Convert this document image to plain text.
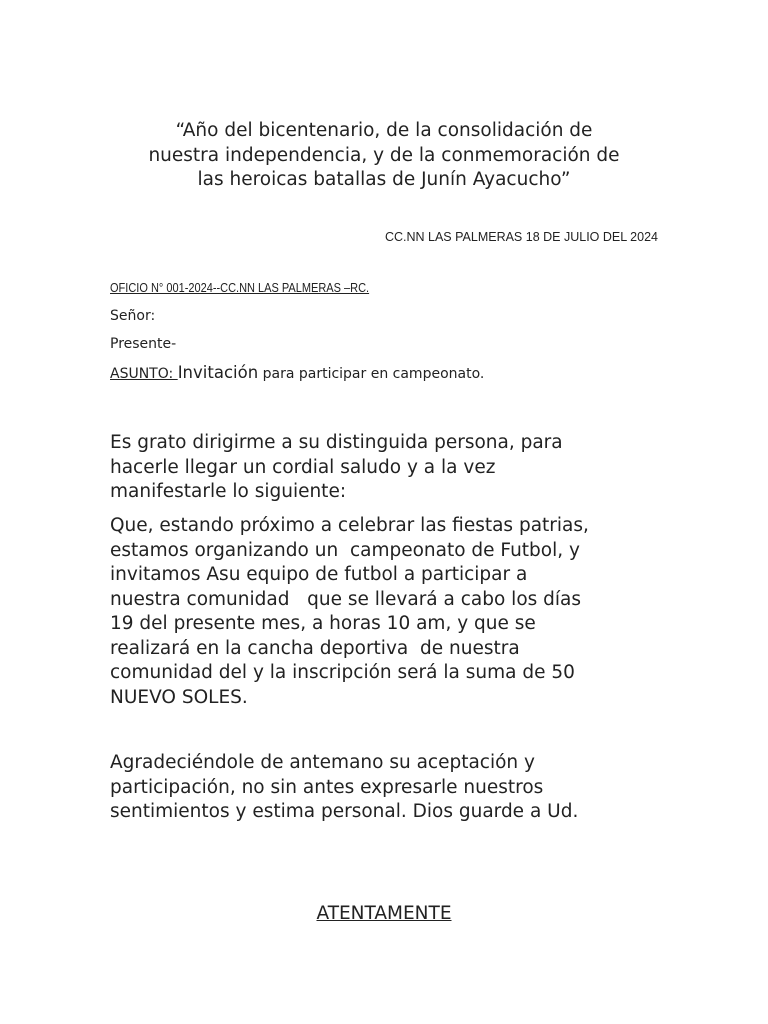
“Año del bicentenario, de la consolidación de
nuestra independencia, y de la conmemoración de
las heroicas batallas de Junín Ayacucho”
CC.NN LAS PALMERAS 18 DE JULIO DEL 2024
OFICIO N° 001-2024--CC.NN LAS PALMERAS –RC.
Señor:
Presente-
ASUNTO: Invitación para participar en campeonato.
Es grato dirigirme a su distinguida persona, para
hacerle llegar un cordial saludo y a la vez
manifestarle lo siguiente:
Que, estando próximo a celebrar las fiestas patrias,
estamos organizando un  campeonato de Futbol, y
invitamos Asu equipo de futbol a participar a
nuestra comunidad   que se llevará a cabo los días
19 del presente mes, a horas 10 am, y que se
realizará en la cancha deportiva  de nuestra
comunidad del y la inscripción será la suma de 50
NUEVO SOLES.
Agradeciéndole de antemano su aceptación y
participación, no sin antes expresarle nuestros
sentimientos y estima personal. Dios guarde a Ud.
ATENTAMENTE
